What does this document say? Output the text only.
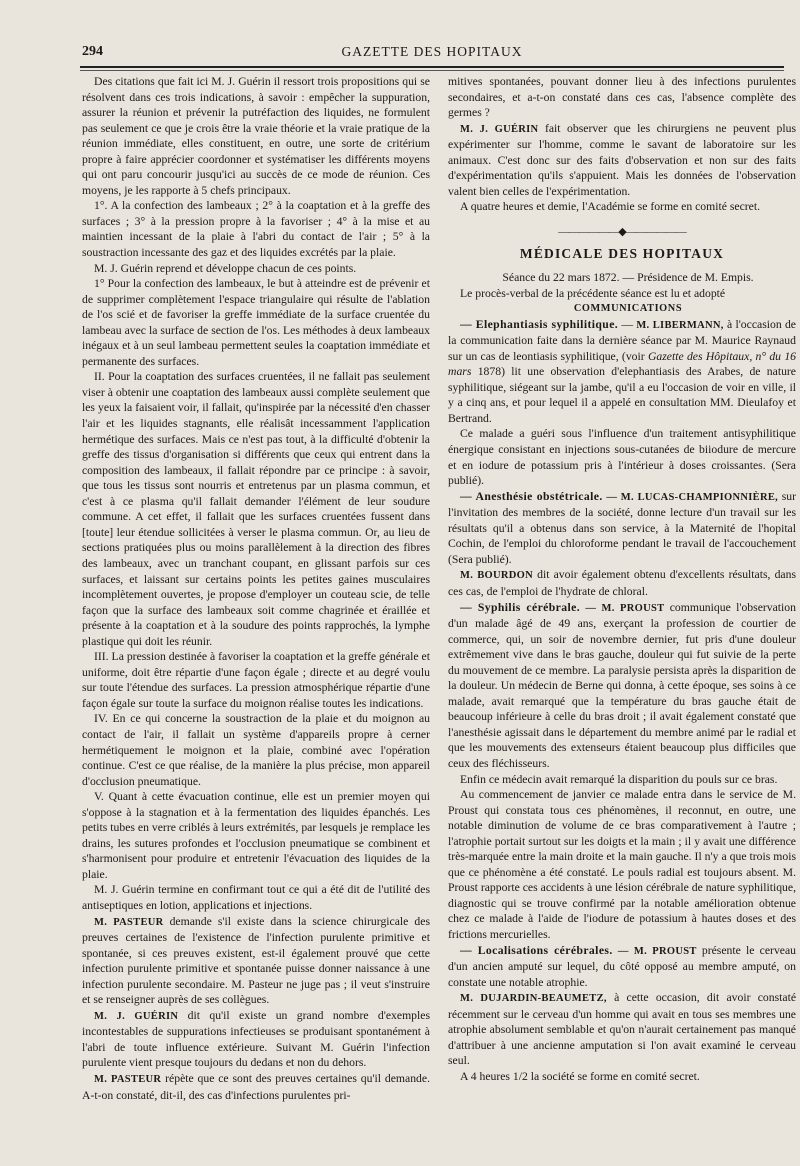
294	GAZETTE DES HOPITAUX

Des citations que fait ici M. J. Guérin il ressort trois propositions qui se résolvent dans ces trois indications, à savoir : empêcher la suppuration, assurer la réunion et prévenir la putréfaction des liquides, ne formulent pas seulement ce que je crois être la vraie théorie et la vraie pratique de la réunion immédiate, elles constituent, en outre, une sorte de critérium propre à faire apprécier coordonner et systématiser les différents moyens qui ont paru concourir jusqu'ici au succès de ce mode de réunion. Ces moyens, je les rapporte à 5 chefs principaux.

1°. A la confection des lambeaux ; 2° à la coaptation et à la greffe des surfaces ; 3° à la pression propre à la favoriser ; 4° à la mise et au maintien incessant de la plaie à l'abri du contact de l'air ; 5° à la soustraction incessante des gaz et des liquides excrétés par la plaie.

M. J. Guérin reprend et développe chacun de ces points.

1° Pour la confection des lambeaux, le but à atteindre est de prévenir et de supprimer complètement l'espace triangulaire qui résulte de l'ablation de l'os scié et de favoriser la greffe immédiate de la surface cruentée du lambeau avec la surface de section de l'os. Les méthodes à deux lambeaux inégaux et à un seul lambeau permettent seules la coaptation immédiate et permanente des surfaces.

II. Pour la coaptation des surfaces cruentées, il ne fallait pas seulement viser à obtenir une coaptation des lambeaux aussi complète seulement que les yeux la faisaient voir, il fallait, qu'inspirée par la nécessité d'en chasser l'air et les liquides stagnants, elle réalisât incessamment l'application hermétique des surfaces. Mais ce n'est pas tout, à la difficulté d'obtenir la greffe des tissus d'organisation si différents que ceux qui entrent dans la composition des lambeaux, il fallait répondre par ce principe : à savoir, que tous les tissus sont nourris et entretenus par un plasma commun, et c'est à ce plasma qu'il fallait demander l'élément de leur soudure commune. A cet effet, il fallait que les surfaces cruentées fussent dans [toute] leur étendue sollicitées à verser le plasma commun. Or, au lieu de sections pratiquées plus ou moins parallèlement à la direction des fibres des lambeaux, avec un tranchant coupant, en glissant parfois sur ces surfaces, et laissant sur certains points les petites gaines musculaires incomplètement ouvertes, je propose d'employer un couteau scie, de telle façon que la surface des lambeaux soit comme chagrinée et éraillée et présente à la coaptation et à la soudure des points rapprochés, la lymphe plastique qui doit les réunir.

III. La pression destinée à favoriser la coaptation et la greffe générale et uniforme, doit être répartie d'une façon égale ; directe et au degré voulu sur toute l'étendue des surfaces. La pression atmosphérique répartie d'une façon égale sur toute la surface du moignon réalise toutes les indications.

IV. En ce qui concerne la soustraction de la plaie et du moignon au contact de l'air, il fallait un système d'appareils propre à cerner hermétiquement le moignon et la plaie, combiné avec l'opération continue. C'est ce que réalise, de la manière la plus précise, mon appareil d'occlusion pneumatique.

V. Quant à cette évacuation continue, elle est un premier moyen qui s'oppose à la stagnation et à la fermentation des liquides épanchés. Les petits tubes en verre criblés à leurs extrémités, par lesquels je remplace les drains, les sutures profondes et l'occlusion pneumatique se combinent et s'harmonisent pour produire et entretenir l'évacuation des liquides de la plaie.

M. J. Guérin termine en confirmant tout ce qui a été dit de l'utilité des antiseptiques en lotion, applications et injections.

M. PASTEUR demande s'il existe dans la science chirurgicale des preuves certaines de l'existence de l'infection purulente primitive et spontanée, si ces preuves existent, est-il également prouvé que cette infection purulente primitive et spontanée puisse donner naissance à une infection purulente secondaire. M. Pasteur ne juge pas ; il veut s'instruire et se renseigner auprès de ses collègues.

M. J. GUÉRIN dit qu'il existe un grand nombre d'exemples incontestables de suppurations infectieuses se produisant spontanément à l'abri de toute influence extérieure. Suivant M. Guérin l'infection purulente vient presque toujours du dedans et non du dehors.

M. PASTEUR répète que ce sont des preuves certaines qu'il demande. A-t-on constaté, dit-il, des cas d'infections purulentes pri-

mitives spontanées, pouvant donner lieu à des infections purulentes secondaires, et a-t-on constaté dans ces cas, l'absence complète des germes ?

M. J. GUÉRIN fait observer que les chirurgiens ne peuvent plus expérimenter sur l'homme, comme le savant de laboratoire sur les animaux. C'est donc sur des faits d'observation et non sur des faits d'expérimentation qu'ils s'appuient. Mais les données de l'observation valent bien celles de l'expérimentation.

A quatre heures et demie, l'Académie se forme en comité secret.

——————◆——————
MÉDICALE DES HOPITAUX

Séance du 22 mars 1872. — Présidence de M. Empis.

Le procès-verbal de la précédente séance est lu et adopté

COMMUNICATIONS

— Elephantiasis syphilitique. — M. LIBERMANN, à l'occasion de la communication faite dans la dernière séance par M. Maurice Raynaud sur un cas de leontiasis syphilitique, (voir Gazette des Hôpitaux, n° du 16 mars 1878) lit une observation d'elephantiasis des Arabes, de nature syphilitique, siégeant sur la jambe, qu'il a eu l'occasion de voir en ville, il y a cinq ans, et pour lequel il a appelé en consultation MM. Dieulafoy et Bertrand.

Ce malade a guéri sous l'influence d'un traitement antisyphilitique énergique consistant en injections sous-cutanées de biiodure de mercure et en iodure de potassium pris à l'intérieur à doses croissantes. (Sera publié).

— Anesthésie obstétricale. — M. LUCAS-CHAMPIONNIÈRE, sur l'invitation des membres de la société, donne lecture d'un travail sur les résultats qu'il a obtenus dans son service, à la Maternité de l'hopital Cochin, de l'emploi du chloroforme pendant le travail de l'accouchement (Sera publié).

M. BOURDON dit avoir également obtenu d'excellents résultats, dans ces cas, de l'emploi de l'hydrate de chloral.

— Syphilis cérébrale. — M. PROUST communique l'observation d'un malade âgé de 49 ans, exerçant la profession de courtier de commerce, qui, un soir de novembre dernier, fut pris d'une douleur extrêmement vive dans le bras gauche, douleur qui fut suivie de la perte du mouvement de ce membre. La paralysie persista après la disparition de la douleur. Un médecin de Berne qui donna, à cette époque, ses soins à ce malade, avait remarqué que la température du bras gauche était de beaucoup inférieure à celle du bras droit ; il avait également constaté que l'anesthésie agissait dans le département du membre animé par le radial et que les mouvements des extenseurs étaient beaucoup plus difficiles que ceux des fléchisseurs.

Enfin ce médecin avait remarqué la disparition du pouls sur ce bras.

Au commencement de janvier ce malade entra dans le service de M. Proust qui constata tous ces phénomènes, il reconnut, en outre, une notable diminution de volume de ce bras comparativement à l'autre ; l'atrophie portait surtout sur les doigts et la main ; il y avait une différence très-marquée entre la main droite et la main gauche. Il n'y a que trois mois que ce phénomène a été constaté. Le pouls radial est toujours absent. M. Proust rapporte ces accidents à une lésion cérébrale de nature syphilitique, diagnostic qui se trouve confirmé par la notable amélioration obtenue chez ce malade à l'aide de l'iodure de potassium à hautes doses et des frictions mercurielles.

— Localisations cérébrales. — M. PROUST présente le cerveau d'un ancien amputé sur lequel, du côté opposé au membre amputé, on constate une notable atrophie.

M. DUJARDIN-BEAUMETZ, à cette occasion, dit avoir constaté récemment sur le cerveau d'un homme qui avait en tous ses membres une atrophie absolument semblable et qu'on n'aurait certainement pas manqué d'attribuer à une ancienne amputation si l'on avait examiné le cerveau seul.

A 4 heures 1/2 la société se forme en comité secret.
